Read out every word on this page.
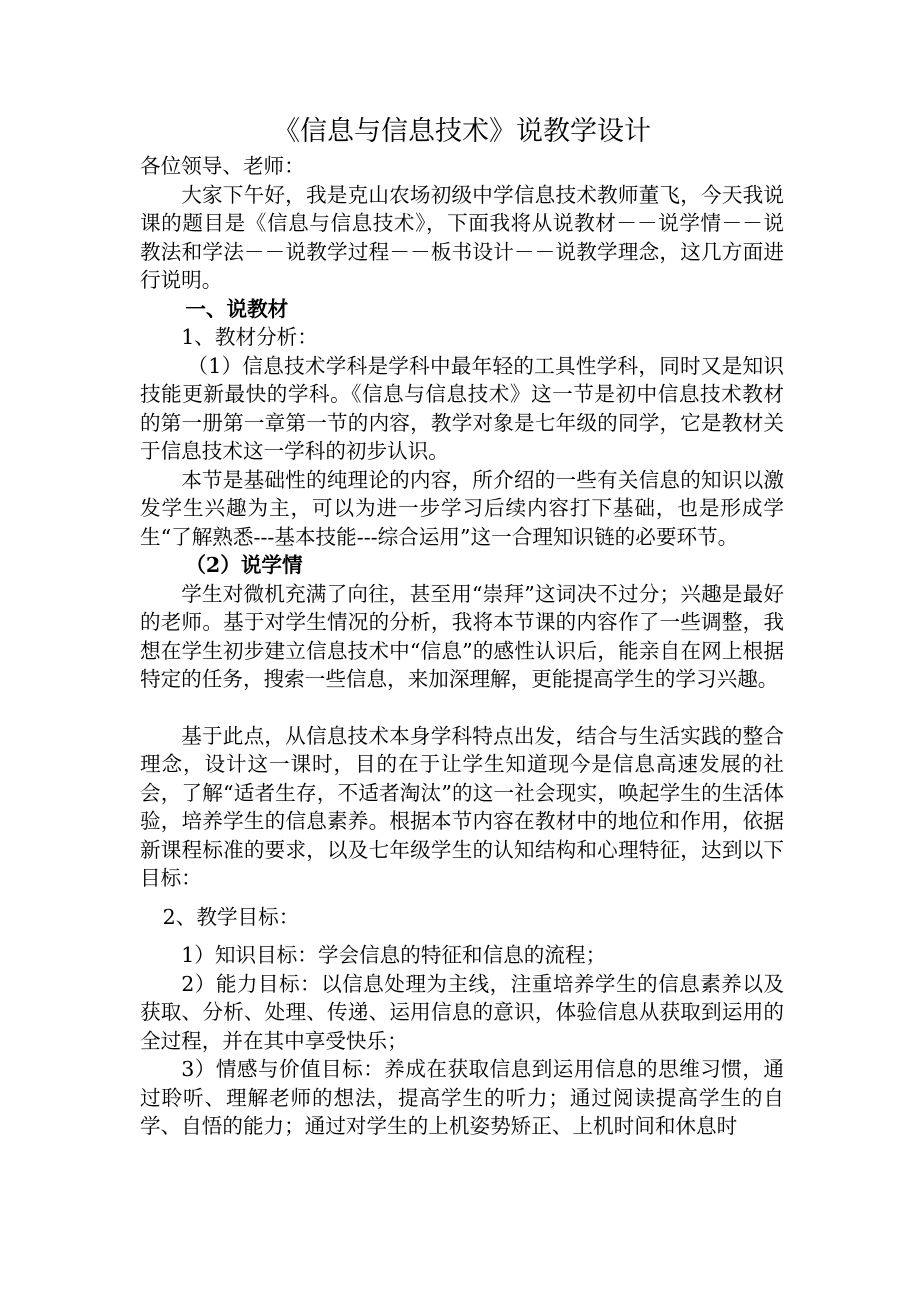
《信息与信息技术》说教学设计

各位领导、老师：

大家下午好，我是克山农场初级中学信息技术教师董飞，今天我说课的题目是《信息与信息技术》，下面我将从说教材－－说学情－－说教法和学法－－说教学过程－－板书设计－－说教学理念，这几方面进行说明。

一、说教材

1、教材分析：

（1）信息技术学科是学科中最年轻的工具性学科，同时又是知识技能更新最快的学科。《信息与信息技术》这一节是初中信息技术教材的第一册第一章第一节的内容，教学对象是七年级的同学，它是教材关于信息技术这一学科的初步认识。

本节是基础性的纯理论的内容，所介绍的一些有关信息的知识以激发学生兴趣为主，可以为进一步学习后续内容打下基础，也是形成学生“了解熟悉---基本技能---综合运用”这一合理知识链的必要环节。

（2）说学情

学生对微机充满了向往，甚至用“崇拜”这词决不过分；兴趣是最好的老师。基于对学生情况的分析，我将本节课的内容作了一些调整，我想在学生初步建立信息技术中“信息”的感性认识后，能亲自在网上根据特定的任务，搜索一些信息，来加深理解，更能提高学生的学习兴趣。

基于此点，从信息技术本身学科特点出发，结合与生活实践的整合理念，设计这一课时，目的在于让学生知道现今是信息高速发展的社会，了解“适者生存，不适者淘汰”的这一社会现实，唤起学生的生活体验，培养学生的信息素养。根据本节内容在教材中的地位和作用，依据新课程标准的要求，以及七年级学生的认知结构和心理特征，达到以下目标：

2、教学目标：

1）知识目标：学会信息的特征和信息的流程；

2）能力目标：以信息处理为主线，注重培养学生的信息素养以及获取、分析、处理、传递、运用信息的意识，体验信息从获取到运用的全过程，并在其中享受快乐；

3）情感与价值目标：养成在获取信息到运用信息的思维习惯，通过聆听、理解老师的想法，提高学生的听力；通过阅读提高学生的自学、自悟的能力；通过对学生的上机姿势矫正、上机时间和休息时
